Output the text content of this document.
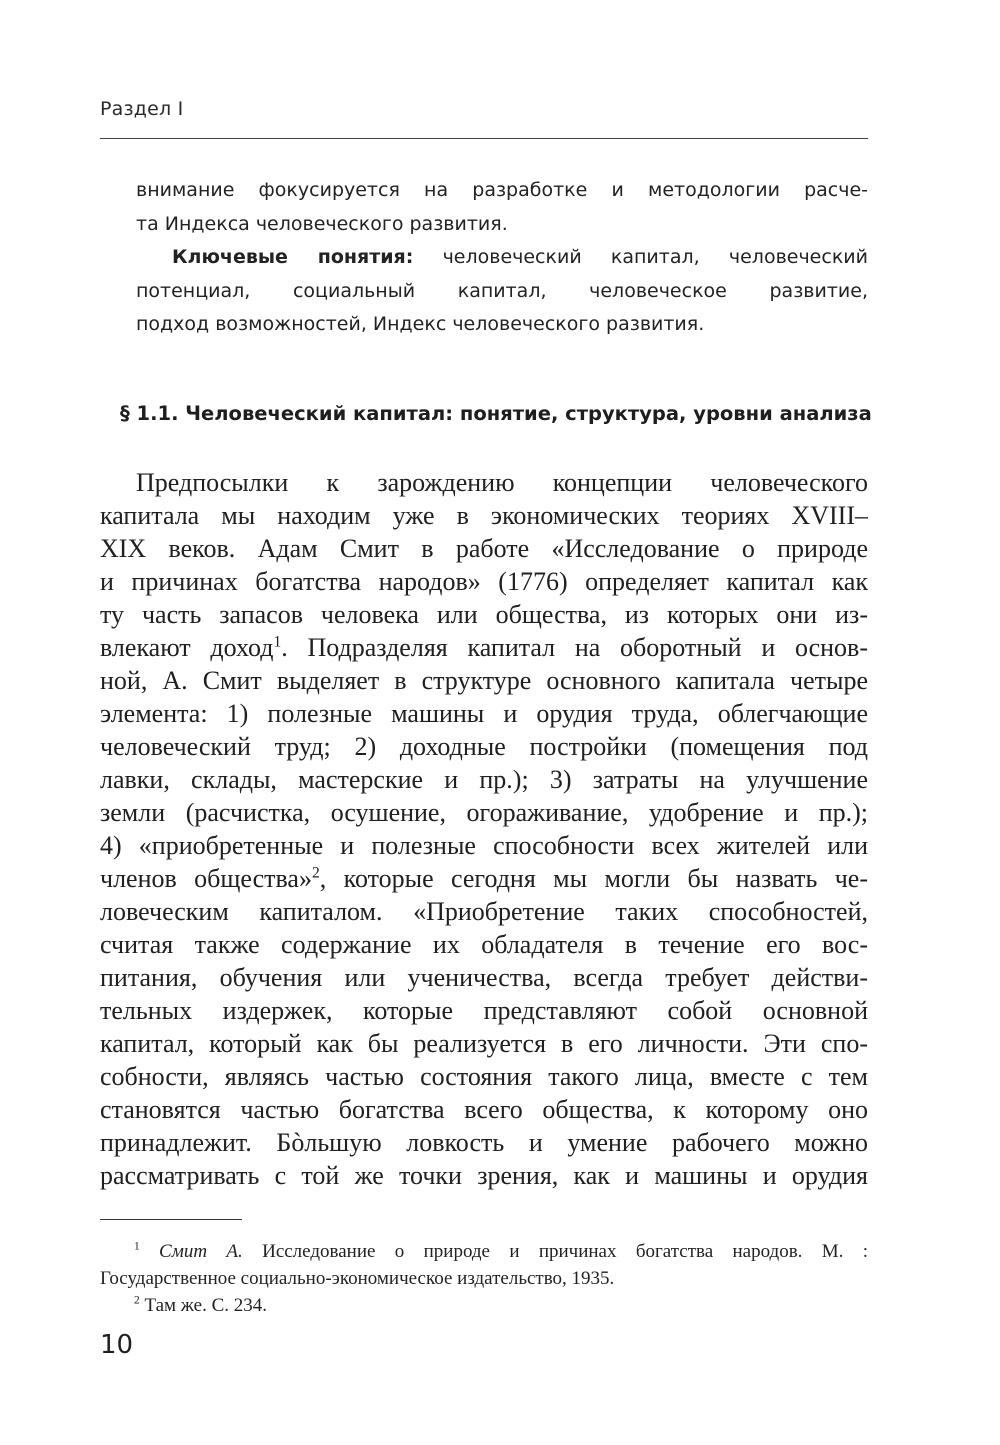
Раздел I
внимание фокусируется на разработке и методологии расче-
та Индекса человеческого развития.
Ключевые понятия: человеческий капитал, человеческий
потенциал, социальный капитал, человеческое развитие,
подход возможностей, Индекс человеческого развития.
§ 1.1. Человеческий капитал: понятие, структура, уровни анализа
Предпосылки к зарождению концепции человеческого
капитала мы находим уже в экономических теориях XVIII–
XIX веков. Адам Смит в работе «Исследование о природе
и причинах богатства народов» (1776) определяет капитал как
ту часть запасов человека или общества, из которых они из-
влекают доход$^1$. Подразделяя капитал на оборотный и основ-
ной, А. Смит выделяет в структуре основного капитала четыре
элемента: 1) полезные машины и орудия труда, облегчающие
человеческий труд; 2) доходные постройки (помещения под
лавки, склады, мастерские и пр.); 3) затраты на улучшение
земли (расчистка, осушение, огораживание, удобрение и пр.);
4) «приобретенные и полезные способности всех жителей или
членов общества»$^2$, которые сегодня мы могли бы назвать че-
ловеческим капиталом. «Приобретение таких способностей,
считая также содержание их обладателя в течение его вос-
питания, обучения или ученичества, всегда требует действи-
тельных издержек, которые представляют собой основной
капитал, который как бы реализуется в его личности. Эти спо-
собности, являясь частью состояния такого лица, вместе с тем
становятся частью богатства всего общества, к которому оно
принадлежит. Бòльшую ловкость и умение рабочего можно
рассматривать с той же точки зрения, как и машины и орудия
$^1$ Смит А. Исследование о природе и причинах богатства народов. М. :
Государственное социально-экономическое издательство, 1935.
$^2$ Там же. С. 234.
10
